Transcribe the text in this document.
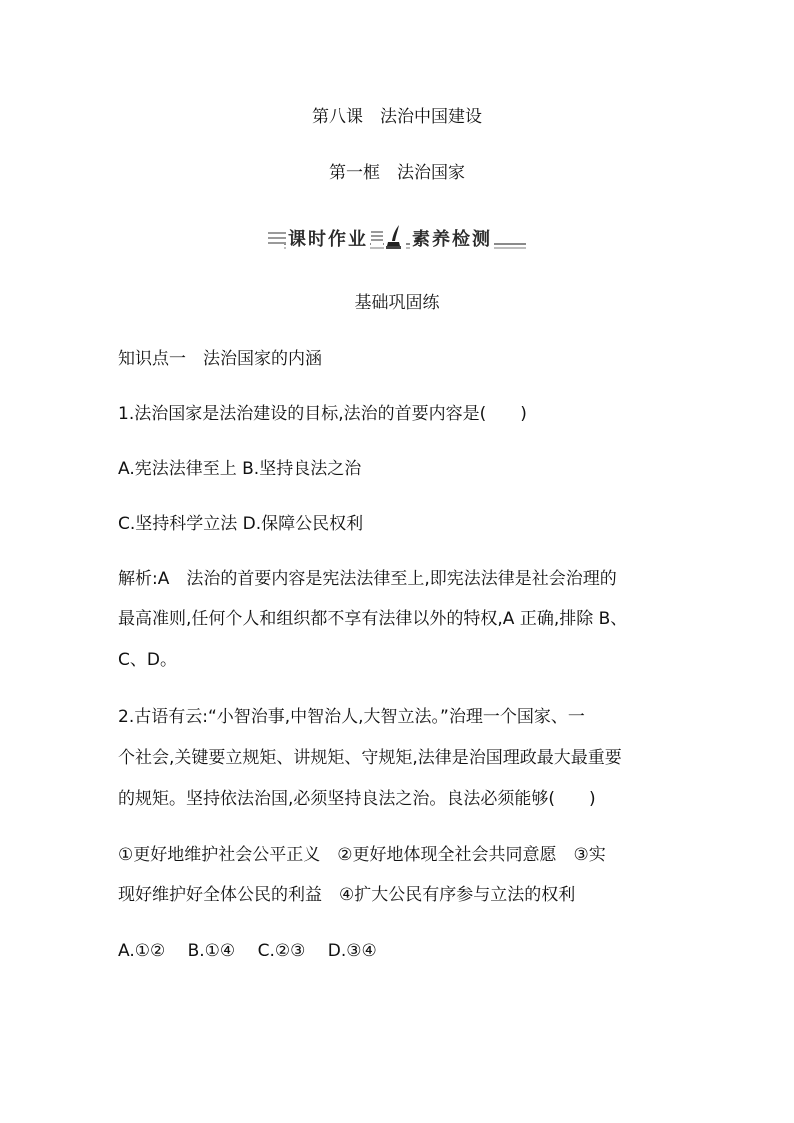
第八课　法治中国建设
第一框　法治国家
课时作业 素养检测
基础巩固练
知识点一　法治国家的内涵
1.法治国家是法治建设的目标,法治的首要内容是(　　)
A.宪法法律至上 B.坚持良法之治
C.坚持科学立法 D.保障公民权利
解析:A　法治的首要内容是宪法法律至上,即宪法法律是社会治理的
最高准则,任何个人和组织都不享有法律以外的特权,A 正确,排除 B、
C、D。
2.古语有云:“小智治事,中智治人,大智立法。”治理一个国家、一
个社会,关键要立规矩、讲规矩、守规矩,法律是治国理政最大最重要
的规矩。坚持依法治国,必须坚持良法之治。良法必须能够(　　)
①更好地维护社会公平正义　②更好地体现全社会共同意愿　③实
现好维护好全体公民的利益　④扩大公民有序参与立法的权利
A.①②　 B.①④　 C.②③　 D.③④
